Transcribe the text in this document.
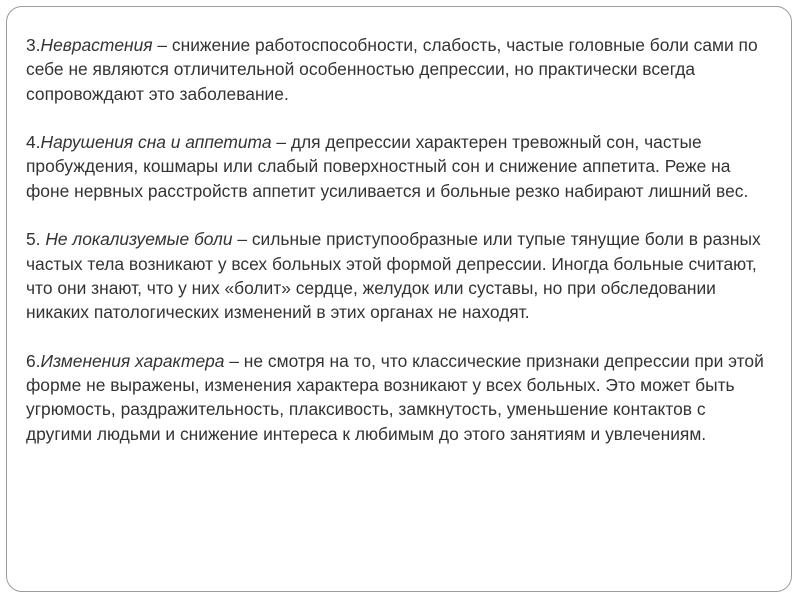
3.Неврастения – снижение работоспособности, слабость, частые головные боли сами по себе не являются отличительной особенностью депрессии, но практически всегда сопровождают это заболевание.

4.Нарушения сна и аппетита – для депрессии характерен тревожный сон, частые пробуждения, кошмары или слабый поверхностный сон и снижение аппетита. Реже на фоне нервных расстройств аппетит усиливается и больные резко набирают лишний вес.

5. Не локализуемые боли – сильные приступообразные или тупые тянущие боли в разных частых тела возникают у всех больных этой формой депрессии. Иногда больные считают, что они знают, что у них «болит» сердце, желудок или суставы, но при обследовании никаких патологических изменений в этих органах не находят.

6.Изменения характера – не смотря на то, что классические признаки депрессии при этой форме не выражены, изменения характера возникают у всех больных. Это может быть угрюмость, раздражительность, плаксивость, замкнутость, уменьшение контактов с другими людьми и снижение интереса к любимым до этого занятиям и увлечениям.
